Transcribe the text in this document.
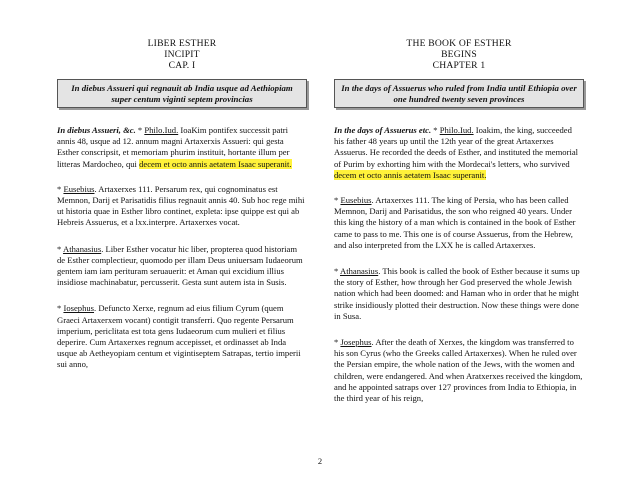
LIBER ESTHER
INCIPIT
CAP. I
In diebus Assueri qui regnauit ab India usque ad Aethiopiam super centum viginti septem provincias

In diebus Assueri, &c. * Philo.Iud. IoaKim pontifex successit patri annis 48, usque ad 12. annum magni Artaxerxis Assueri: qui gesta Esther conscripsit, et memoriam phurim instituit, hortante illum per litteras Mardocheo, qui decem et octo annis aetatem Isaac superanit.

* Eusebius. Artaxerxes 111. Persarum rex, qui cognominatus est Memnon, Darij et Parisatidis filius regnauit annis 40. Sub hoc rege mihi ut historia quae in Esther libro continet, expleta: ipse quippe est qui ab Hebreis Assuerus, et a lxx.interpre. Artaxerxes vocat.

* Athanasius. Liber Esther vocatur hic liber, propterea quod historiam de Esther complectieur, quomodo per illam Deus uniuersam Iudaeorum gentem iam iam perituram seruauerit: et Aman qui excidium illius insidiose machinabatur, percusserit. Gesta sunt autem ista in Susis.

* Iosephus. Defuncto Xerxe, regnum ad eius filium Cyrum (quem Graeci Artaxerxem vocant) contigit transferri. Quo regente Persarum imperium, periclitata est tota gens Iudaeorum cum mulieri et filius deperire. Cum Artaxerxes regnum accepisset, et ordinasset ab Inda usque ab Aetheyopiam centum et vigintiseptem Satrapas, tertio imperii sui anno,

THE BOOK OF ESTHER
BEGINS
CHAPTER 1
In the days of Assuerus who ruled from India until Ethiopia over one hundred twenty seven provinces

In the days of Assuerus etc. * Philo.Iud. Ioakim, the king, succeeded his father 48 years up until the 12th year of the great Artaxerxes Assuerus. He recorded the deeds of Esther, and instituted the memorial of Purim by exhorting him with the Mordecai's letters, who survived decem et octo annis aetatem Isaac superanit.

* Eusebius. Artaxerxes 111. The king of Persia, who has been called Memnon, Darij and Parisatidus, the son who reigned 40 years. Under this king the history of a man which is contained in the book of Esther came to pass to me. This one is of course Assuerus, from the Hebrew, and also interpreted from the LXX he is called Artaxerxes.

* Athanasius. This book is called the book of Esther because it sums up the story of Esther, how through her God preserved the whole Jewish nation which had been doomed: and Haman who in order that he might strike insidiously plotted their destruction. Now these things were done in Susa.

* Josephus. After the death of Xerxes, the kingdom was transferred to his son Cyrus (who the Greeks called Artaxerxes). When he ruled over the Persian empire, the whole nation of the Jews, with the women and children, were endangered. And when Aratxerxes received the kingdom, and he appointed satraps over 127 provinces from India to Ethiopia, in the third year of his reign,

2
